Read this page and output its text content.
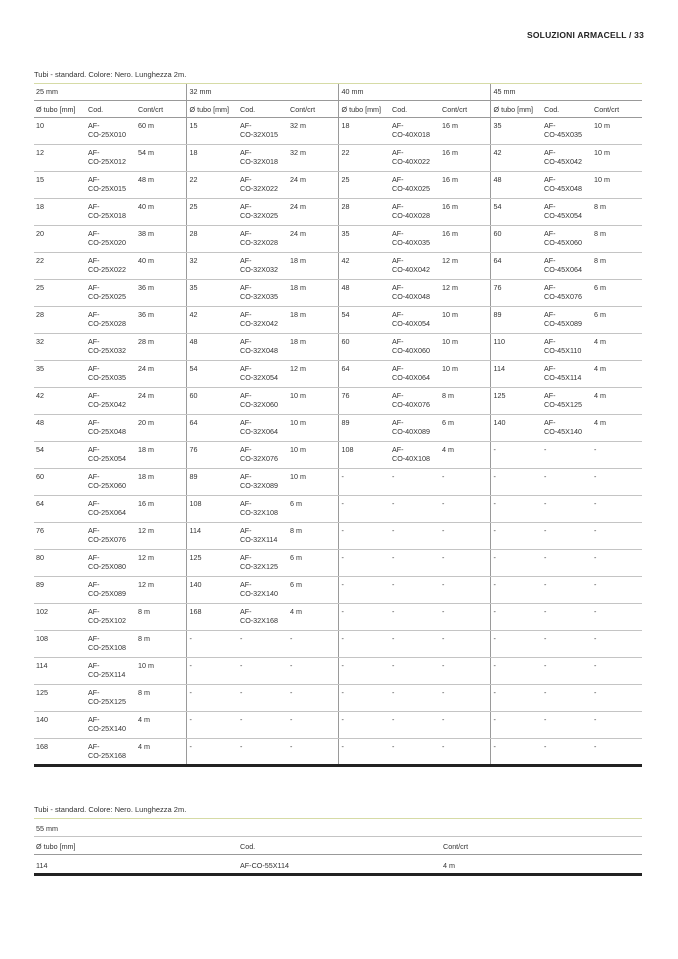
SOLUZIONI ARMACELL / 33
Tubi - standard. Colore: Nero. Lunghezza 2m.
25 mm			32 mm			40 mm			45 mm		
Ø tubo [mm]	Cod.	Cont/crt	Ø tubo [mm]	Cod.	Cont/crt	Ø tubo [mm]	Cod.	Cont/crt	Ø tubo [mm]	Cod.	Cont/crt
10	AF-
CO-25X010	60 m	15	AF-
CO-32X015	32 m	18	AF-
CO-40X018	16 m	35	AF-
CO-45X035	10 m
12	AF-
CO-25X012	54 m	18	AF-
CO-32X018	32 m	22	AF-
CO-40X022	16 m	42	AF-
CO-45X042	10 m
15	AF-
CO-25X015	48 m	22	AF-
CO-32X022	24 m	25	AF-
CO-40X025	16 m	48	AF-
CO-45X048	10 m
18	AF-
CO-25X018	40 m	25	AF-
CO-32X025	24 m	28	AF-
CO-40X028	16 m	54	AF-
CO-45X054	8 m
20	AF-
CO-25X020	38 m	28	AF-
CO-32X028	24 m	35	AF-
CO-40X035	16 m	60	AF-
CO-45X060	8 m
22	AF-
CO-25X022	40 m	32	AF-
CO-32X032	18 m	42	AF-
CO-40X042	12 m	64	AF-
CO-45X064	8 m
25	AF-
CO-25X025	36 m	35	AF-
CO-32X035	18 m	48	AF-
CO-40X048	12 m	76	AF-
CO-45X076	6 m
28	AF-
CO-25X028	36 m	42	AF-
CO-32X042	18 m	54	AF-
CO-40X054	10 m	89	AF-
CO-45X089	6 m
32	AF-
CO-25X032	28 m	48	AF-
CO-32X048	18 m	60	AF-
CO-40X060	10 m	110	AF-
CO-45X110	4 m
35	AF-
CO-25X035	24 m	54	AF-
CO-32X054	12 m	64	AF-
CO-40X064	10 m	114	AF-
CO-45X114	4 m
42	AF-
CO-25X042	24 m	60	AF-
CO-32X060	10 m	76	AF-
CO-40X076	8 m	125	AF-
CO-45X125	4 m
48	AF-
CO-25X048	20 m	64	AF-
CO-32X064	10 m	89	AF-
CO-40X089	6 m	140	AF-
CO-45X140	4 m
54	AF-
CO-25X054	18 m	76	AF-
CO-32X076	10 m	108	AF-
CO-40X108	4 m	-	-	-
60	AF-
CO-25X060	18 m	89	AF-
CO-32X089	10 m	-	-	-	-	-	-
64	AF-
CO-25X064	16 m	108	AF-
CO-32X108	6 m	-	-	-	-	-	-
76	AF-
CO-25X076	12 m	114	AF-
CO-32X114	8 m	-	-	-	-	-	-
80	AF-
CO-25X080	12 m	125	AF-
CO-32X125	6 m	-	-	-	-	-	-
89	AF-
CO-25X089	12 m	140	AF-
CO-32X140	6 m	-	-	-	-	-	-
102	AF-
CO-25X102	8 m	168	AF-
CO-32X168	4 m	-	-	-	-	-	-
108	AF-
CO-25X108	8 m	-	-	-	-	-	-	-	-	-
114	AF-
CO-25X114	10 m	-	-	-	-	-	-	-	-	-
125	AF-
CO-25X125	8 m	-	-	-	-	-	-	-	-	-
140	AF-
CO-25X140	4 m	-	-	-	-	-	-	-	-	-
168	AF-
CO-25X168	4 m	-	-	-	-	-	-	-	-	-
Tubi - standard. Colore: Nero. Lunghezza 2m.
55 mm		
Ø tubo [mm]	Cod.	Cont/crt
114	AF-CO-55X114	4 m
